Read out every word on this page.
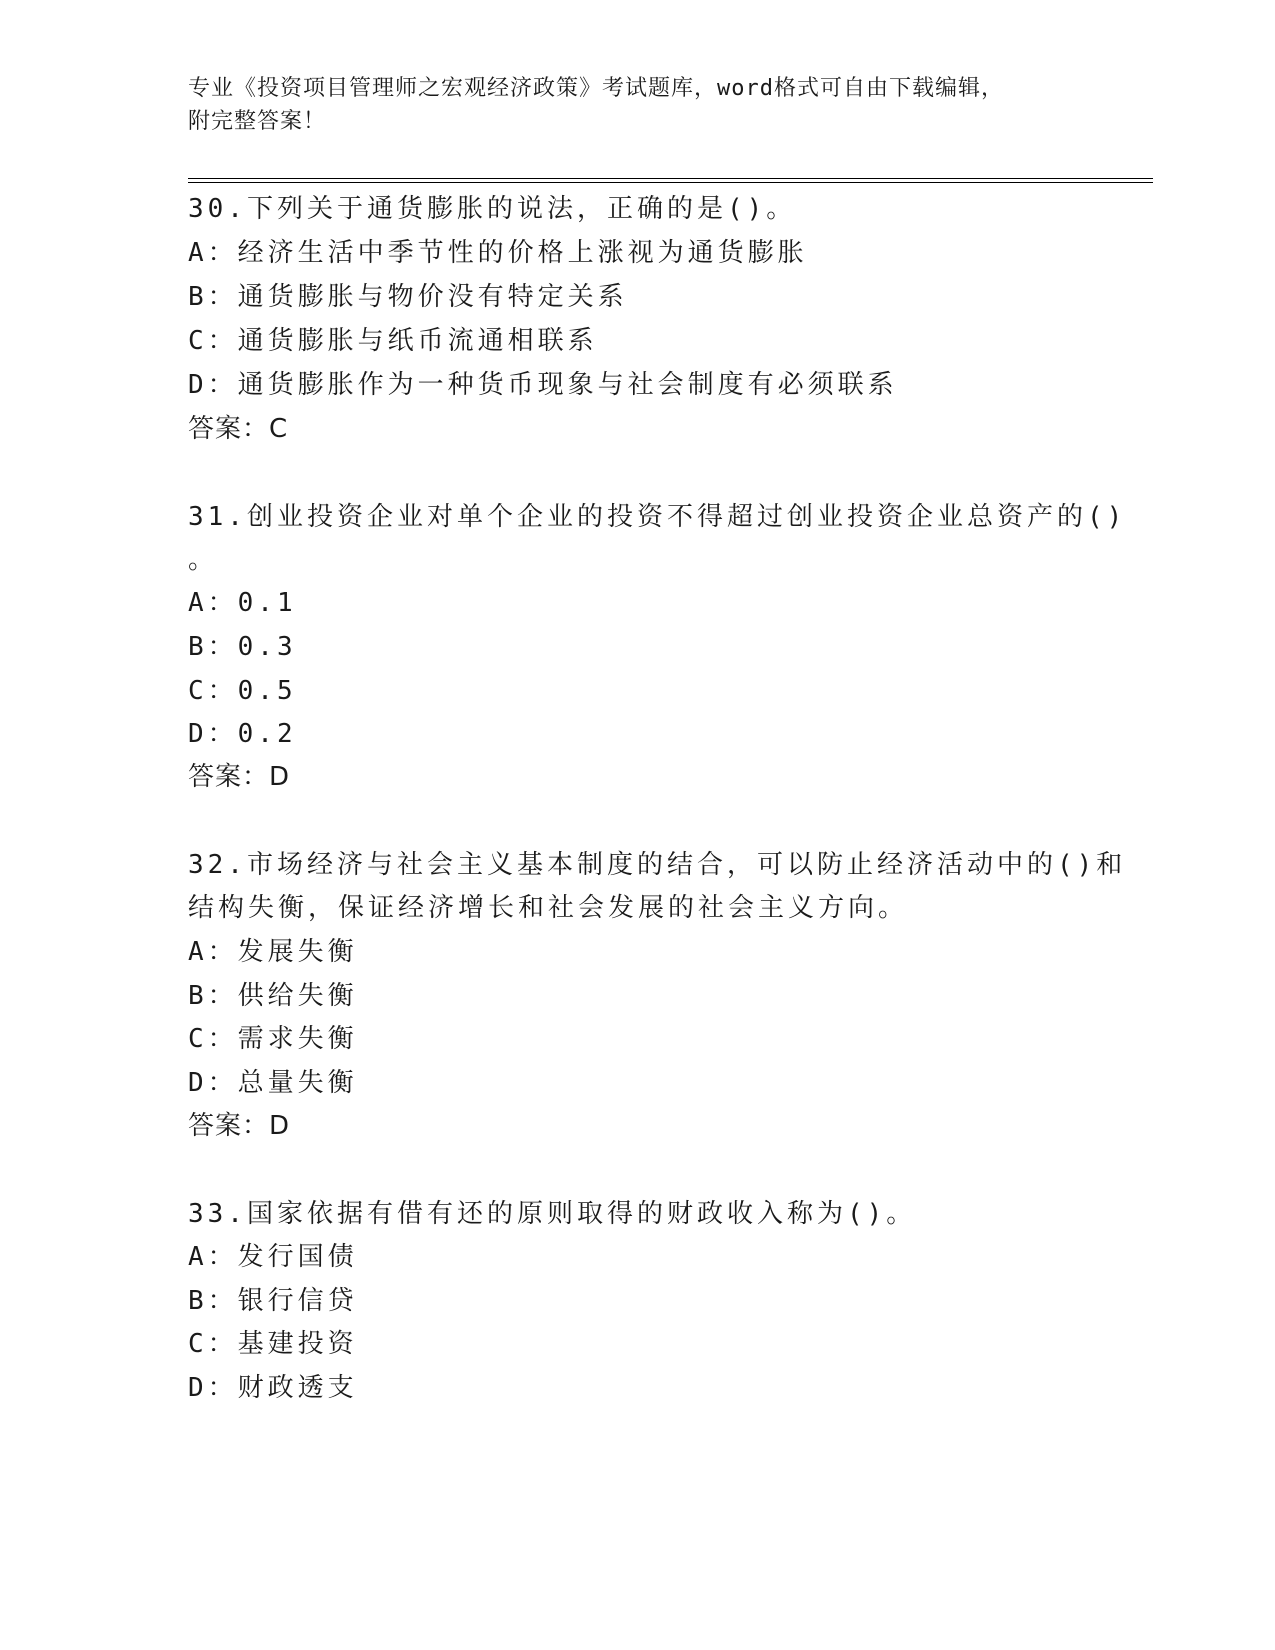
专业《投资项目管理师之宏观经济政策》考试题库，word格式可自由下载编辑，
附完整答案！
30.下列关于通货膨胀的说法，正确的是()。
A：经济生活中季节性的价格上涨视为通货膨胀
B：通货膨胀与物价没有特定关系
C：通货膨胀与纸币流通相联系
D：通货膨胀作为一种货币现象与社会制度有必须联系
答案：C
31.创业投资企业对单个企业的投资不得超过创业投资企业总资产的()
。
A：0.1
B：0.3
C：0.5
D：0.2
答案：D
32.市场经济与社会主义基本制度的结合，可以防止经济活动中的()和
结构失衡，保证经济增长和社会发展的社会主义方向。
A：发展失衡
B：供给失衡
C：需求失衡
D：总量失衡
答案：D
33.国家依据有借有还的原则取得的财政收入称为()。
A：发行国债
B：银行信贷
C：基建投资
D：财政透支
